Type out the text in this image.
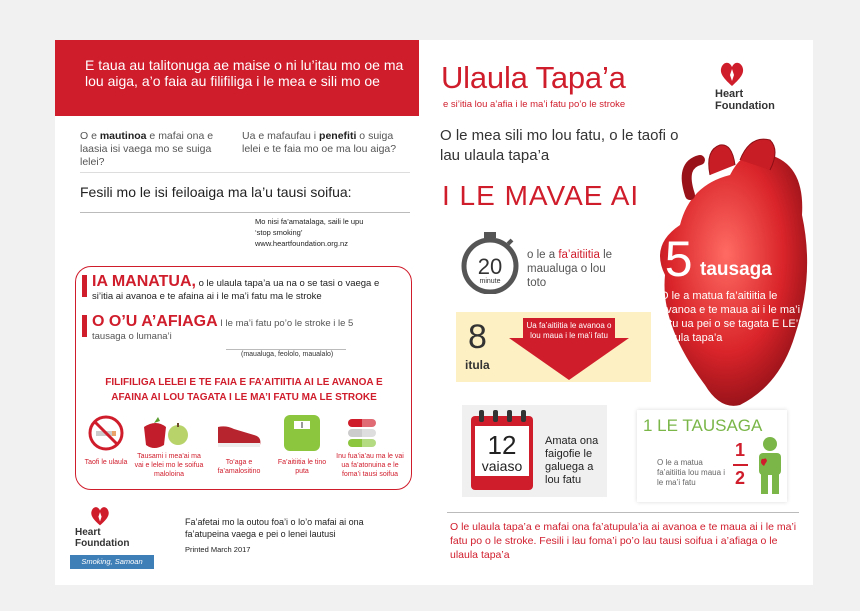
E taua au talitonuga ae maise o ni lu’itau mo oe ma lou aiga, a’o faia au filifiliga i le mea e sili mo oe	Ulaula Tapa’a
e si’itia lou a’afia i le ma’i fatu po’o le stroke
Heart
Foundation
O e mautinoa e mafai ona e laasia isi vaega mo se suiga lelei?
Ua e mafaufau i penefiti o suiga lelei e te faia mo oe ma lou aiga?
Fesili mo le isi feiloaiga ma la’u tausi soifua:
Mo nisi fa’amatalaga, saili le upu
‘stop smoking’
www.heartfoundation.org.nz
IA MANATUA, o le ulaula tapa’a ua na o se tasi o vaega e si’itia ai avanoa e te afaina ai i le ma’i fatu ma le stroke
O O’U A’AFIAGA I le ma’i fatu po’o le stroke i le 5 tausaga o lumana’i
(maualuga, feololo, maualalo)
FILIFILIGA LELEI E TE FAIA E FA’AITIITIA AI LE AVANOA E AFAINA AI LOU TAGATA I LE MA’I FATU MA LE STROKE
Taofi le ulaula
Tausami i mea’ai ma vai e lelei mo le soifua maloloina
To’aga e fa’amalositino
Fa’aitiitia le tino puta
Inu fua’ia’au ma le vai ua fa’atonuina e le foma’i tausi soifua
Heart
Foundation
Smoking, Samoan
Fa’afetai mo la outou foa’i o lo’o mafai ai ona fa’atupeina vaega e pei o lenei lautusi
Printed March 2017
O le mea sili mo lou fatu, o le taofi o lau ulaula tapa’a
I LE MAVAE AI
15 tausaga
O le a matua fa’aitiitia le avanoa e te maua ai i le ma’i fatu ua pei o se tagata E LE’I ulaula tapa’a
20
minute
o le a fa’aitiitia le maualuga o lou toto
8
itula
Ua fa’aitiitia le avanoa o lou maua i le ma’i fatu
12
vaiaso
Amata ona faigofie le galuega a lou fatu
1 LE TAUSAGA
O le a matua fa’aitiitia lou maua i le ma’i fatu
1
2
O le ulaula tapa’a e mafai ona fa’atupula’ia ai avanoa e te maua ai i le ma’i fatu po o le stroke. Fesili i lau foma’i po’o lau tausi soifua i a’afiaga o le ulaula tapa’a
